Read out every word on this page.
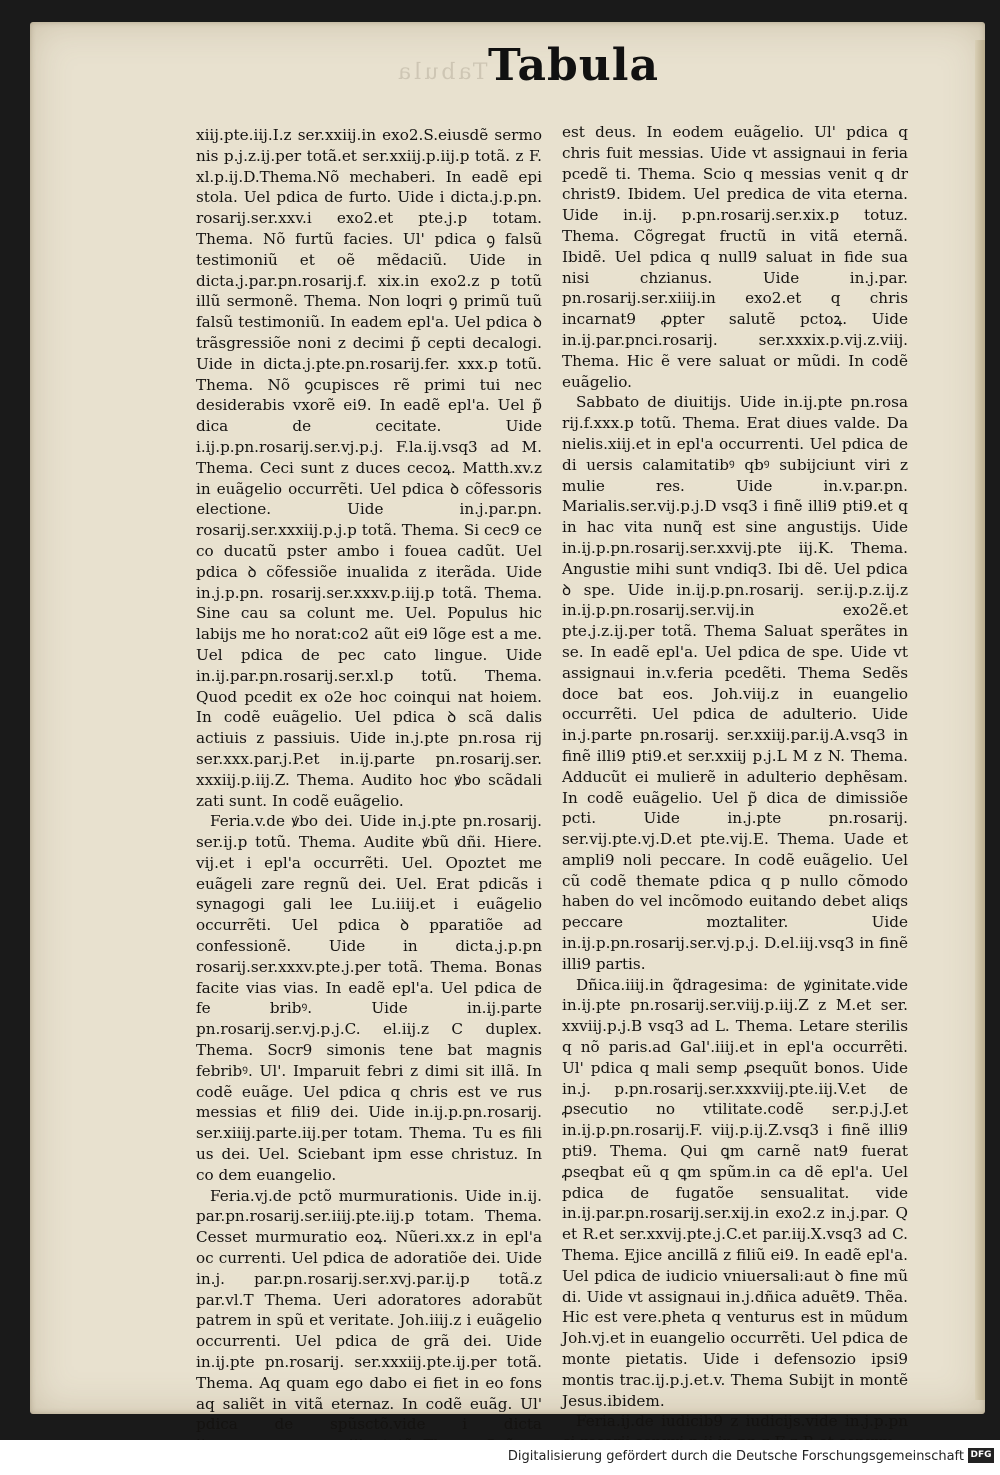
Tabula Tabula

xiij.pte.iij.I.z ser.xxiij.in exo2.S.eiusdẽ sermo nis p.j.z.ij.per totã.et ser.xxiij.p.iij.p totã. z F. xl.p.ij.D.Thema.Nõ mechaberi. In eadẽ epi stola. Uel pdica de furto. Uide i dicta.j.p.pn. rosarij.ser.xxv.i exo2.et pte.j.p totam. Thema. Nõ furtũ facies. Ul' pdica ꝯ falsũ testimoniũ et oẽ mẽdaciũ. Uide in dicta.j.par.pn.rosarij.f. xix.in exo2.z p totũ illũ sermonẽ. Thema. Non loqri ꝯ primũ tuũ falsũ testimoniũ. In eadem epl'a. Uel pdica ꝺ trãsgressiõe noni z decimi p̃ cepti decalogi. Uide in dicta.j.pte.pn.rosarij.fer. xxx.p totũ. Thema. Nõ ꝯcupisces rẽ primi tui nec desiderabis vxorẽ ei9. In eadẽ epl'a. Uel p̃ dica de cecitate. Uide i.ij.p.pn.rosarij.ser.vj.p.j. F.la.ij.vsq3 ad M. Thema. Ceci sunt z duces cecoꝝ. Matth.xv.z in euãgelio occurrẽti. Uel pdica ꝺ cõfessoris electione. Uide in.j.par.pn. rosarij.ser.xxxiij.p.j.p totã. Thema. Si cec9 ce co ducatũ pster ambo i fouea cadũt. Uel pdica ꝺ cõfessiõe inualida z iterãda. Uide in.j.p.pn. rosarij.ser.xxxv.p.iij.p totã. Thema. Sine cau sa colunt me. Uel. Populus hic labijs me ho norat:co2 aũt ei9 lõge est a me. Uel pdica de pec cato lingue. Uide in.ij.par.pn.rosarij.ser.xl.p totũ. Thema. Quod pcedit ex o2e hoc coinqui nat hoiem. In codẽ euãgelio. Uel pdica ꝺ scã dalis actiuis z passiuis. Uide in.j.pte pn.rosa rij ser.xxx.par.j.P.et in.ij.parte pn.rosarij.ser. xxxiij.p.iij.Z. Thema. Audito hoc ꝟbo scãdali zati sunt. In codẽ euãgelio.

Feria.v.de ꝟbo dei. Uide in.j.pte pn.rosarij. ser.ij.p totũ. Thema. Audite ꝟbũ dñi. Hiere. vij.et i epl'a occurrẽti. Uel. Opoztet me euãgeli zare regnũ dei. Uel. Erat pdicãs i synagogi gali lee Lu.iiij.et i euãgelio occurrẽti. Uel pdica ꝺ pparatiõe ad confessionẽ. Uide in dicta.j.p.pn rosarij.ser.xxxv.pte.j.per totã. Thema. Bonas facite vias vias. In eadẽ epl'a. Uel pdica de fe bribꝰ. Uide in.ij.parte pn.rosarij.ser.vj.p.j.C. el.iij.z C duplex. Thema. Socr9 simonis tene bat magnis febribꝰ. Ul'. Imparuit febri z dimi sit illã. In codẽ euãge. Uel pdica q chris est ve rus messias et fili9 dei. Uide in.ij.p.pn.rosarij. ser.xiiij.parte.iij.per totam. Thema. Tu es fili us dei. Uel. Sciebant ipm esse christuz. In co dem euangelio.

Feria.vj.de pctõ murmurationis. Uide in.ij. par.pn.rosarij.ser.iiij.pte.iij.p totam. Thema. Cesset murmuratio eoꝝ. Nũeri.xx.z in epl'a oc currenti. Uel pdica de adoratiõe dei. Uide in.j. par.pn.rosarij.ser.xvj.par.ij.p totã.z par.vl.T Thema. Ueri adoratores adorabũt patrem in spũ et veritate. Joh.iiij.z i euãgelio occurrenti. Uel pdica de grã dei. Uide in.ij.pte pn.rosarij. ser.xxxiij.pte.ij.per totã. Thema. Aq quam ego dabo ei fiet in eo fons aq saliẽt in vitã eternaz. In codẽ euãg. Ul' pdica de spũsctõ.vide i dicta

est deus. In eodem euãgelio. Ul' pdica q chris fuit messias. Uide vt assignaui in feria pcedẽ ti. Thema. Scio q messias venit q dr christ9. Ibidem. Uel predica de vita eterna. Uide in.ij. p.pn.rosarij.ser.xix.p totuz. Thema. Cõgregat fructũ in vitã eternã. Ibidẽ. Uel pdica q null9 saluat in fide sua nisi chzianus. Uide in.j.par. pn.rosarij.ser.xiiij.in exo2.et q chris incarnat9 ꝓpter salutẽ pctoꝝ. Uide in.ij.par.pnci.rosarij. ser.xxxix.p.vij.z.viij. Thema. Hic ẽ vere saluat or mũdi. In codẽ euãgelio.

Sabbato de diuitijs. Uide in.ij.pte pn.rosa rij.f.xxx.p totũ. Thema. Erat diues valde. Da nielis.xiij.et in epl'a occurrenti. Uel pdica de di uersis calamitatibꝰ qbꝰ subijciunt viri z mulie res. Uide in.v.par.pn. Marialis.ser.vij.p.j.D vsq3 i finẽ illi9 pti9.et q in hac vita nunq̃ est sine angustijs. Uide in.ij.p.pn.rosarij.ser.xxvij.pte iij.K. Thema. Angustie mihi sunt vndiq3. Ibi dẽ. Uel pdica ꝺ spe. Uide in.ij.p.pn.rosarij. ser.ij.p.z.ij.z in.ij.p.pn.rosarij.ser.vij.in exo2ẽ.et pte.j.z.ij.per totã. Thema Saluat sperãtes in se. In eadẽ epl'a. Uel pdica de spe. Uide vt assignaui in.v.feria pcedẽti. Thema Sedẽs doce bat eos. Joh.viij.z in euangelio occurrẽti. Uel pdica de adulterio. Uide in.j.parte pn.rosarij. ser.xxiij.par.ij.A.vsq3 in finẽ illi9 pti9.et ser.xxiij p.j.L M z N. Thema. Adducũt ei mulierẽ in adulterio dephẽsam. In codẽ euãgelio. Uel p̃ dica de dimissiõe pcti. Uide in.j.pte pn.rosarij. ser.vij.pte.vj.D.et pte.vij.E. Thema. Uade et ampli9 noli peccare. In codẽ euãgelio. Uel cũ codẽ themate pdica q p nullo cõmodo haben do vel incõmodo euitando debet aliqs peccare moztaliter. Uide in.ij.p.pn.rosarij.ser.vj.p.j. D.el.iij.vsq3 in finẽ illi9 partis.

Dñica.iiij.in q̃dragesima: de ꝟginitate.vide in.ij.pte pn.rosarij.ser.viij.p.iij.Z z M.et ser. xxviij.p.j.B vsq3 ad L. Thema. Letare sterilis q nõ paris.ad Gal'.iiij.et in epl'a occurrẽti. Ul' pdica q mali semp ꝓsequũt bonos. Uide in.j. p.pn.rosarij.ser.xxxviij.pte.iij.V.et de ꝓsecutio no vtilitate.codẽ ser.p.j.J.et in.ij.p.pn.rosarij.F. viij.p.ij.Z.vsq3 i finẽ illi9 pti9. Thema. Qui ꝗm carnẽ nat9 fuerat ꝓseqbat eũ q ꝗm spũm.in ca dẽ epl'a. Uel pdica de fugatõe sensualitat. vide in.ij.par.pn.rosarij.ser.xij.in exo2.z in.j.par. Q et R.et ser.xxvij.pte.j.C.et par.iij.X.vsq3 ad C. Thema. Ejice ancillã z filiũ ei9. In eadẽ epl'a. Uel pdica de iudicio vniuersali:aut ꝺ fine mũ di. Uide vt assignaui in.j.dñica aduẽt9. Thẽa. Hic est vere.pheta q venturus est in mũdum Joh.vj.et in euangelio occurrẽti. Uel pdica de monte pietatis. Uide i defensozio ipsi9 montis trac.ij.p.j.et.v. Thema Subijt in montẽ Jesus.ibidem.

Feria.ij.de iudicib9 z iudicijs.vide in.j.p.pn

Digitalisierung gefördert durch die Deutsche Forschungsgemeinschaft DFG
